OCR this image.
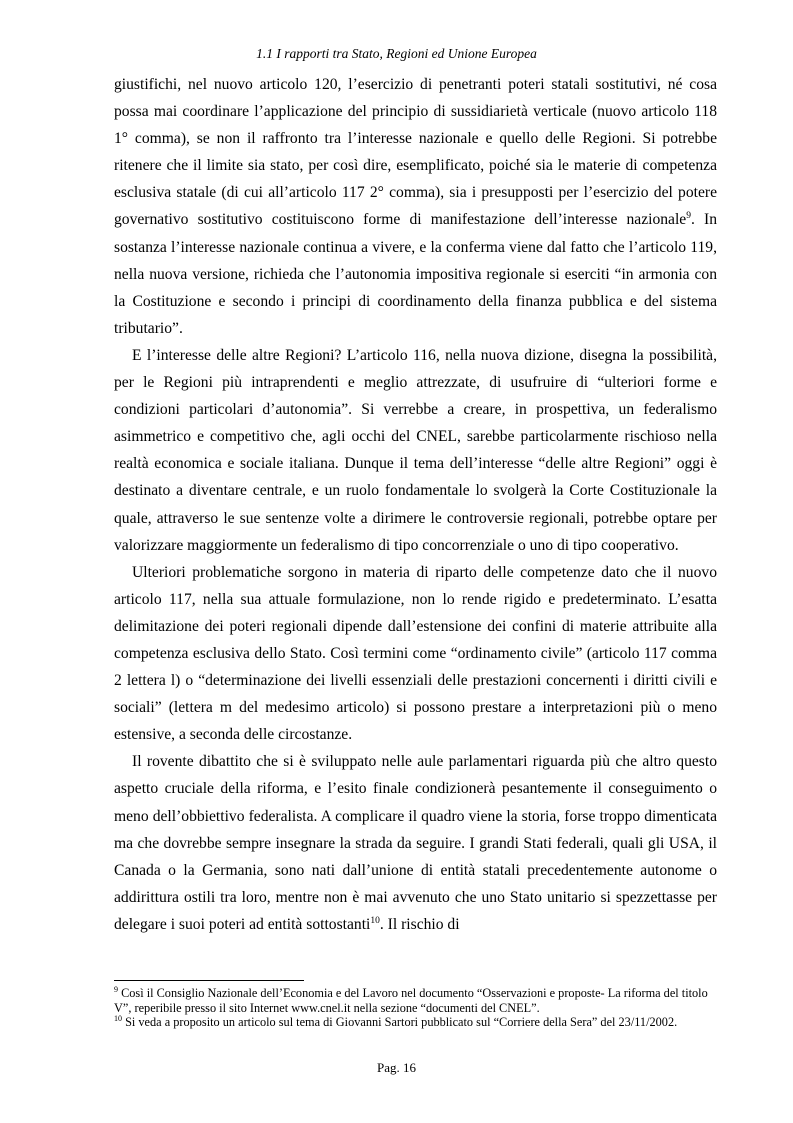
1.1 I rapporti tra Stato, Regioni ed Unione Europea

giustifichi, nel nuovo articolo 120, l’esercizio di penetranti poteri statali sostitutivi, né cosa possa mai coordinare l’applicazione del principio di sussidiarietà verticale (nuovo articolo 118 1° comma), se non il raffronto tra l’interesse nazionale e quello delle Regioni. Si potrebbe ritenere che il limite sia stato, per così dire, esemplificato, poiché sia le materie di competenza esclusiva statale (di cui all’articolo 117 2° comma), sia i presupposti per l’esercizio del potere governativo sostitutivo costituiscono forme di manifestazione dell’interesse nazionale$^9$. In sostanza l’interesse nazionale continua a vivere, e la conferma viene dal fatto che l’articolo 119, nella nuova versione, richieda che l’autonomia impositiva regionale si eserciti “in armonia con la Costituzione e secondo i principi di coordinamento della finanza pubblica e del sistema tributario”.

E l’interesse delle altre Regioni? L’articolo 116, nella nuova dizione, disegna la possibilità, per le Regioni più intraprendenti e meglio attrezzate, di usufruire di “ulteriori forme e condizioni particolari d’autonomia”. Si verrebbe a creare, in prospettiva, un federalismo asimmetrico e competitivo che, agli occhi del CNEL, sarebbe particolarmente rischioso nella realtà economica e sociale italiana. Dunque il tema dell’interesse “delle altre Regioni” oggi è destinato a diventare centrale, e un ruolo fondamentale lo svolgerà la Corte Costituzionale la quale, attraverso le sue sentenze volte a dirimere le controversie regionali, potrebbe optare per valorizzare maggiormente un federalismo di tipo concorrenziale o uno di tipo cooperativo.

Ulteriori problematiche sorgono in materia di riparto delle competenze dato che il nuovo articolo 117, nella sua attuale formulazione, non lo rende rigido e predeterminato. L’esatta delimitazione dei poteri regionali dipende dall’estensione dei confini di materie attribuite alla competenza esclusiva dello Stato. Così termini come “ordinamento civile” (articolo 117 comma 2 lettera l) o “determinazione dei livelli essenziali delle prestazioni concernenti i diritti civili e sociali” (lettera m del medesimo articolo) si possono prestare a interpretazioni più o meno estensive, a seconda delle circostanze.

Il rovente dibattito che si è sviluppato nelle aule parlamentari riguarda più che altro questo aspetto cruciale della riforma, e l’esito finale condizionerà pesantemente il conseguimento o meno dell’obbiettivo federalista. A complicare il quadro viene la storia, forse troppo dimenticata ma che dovrebbe sempre insegnare la strada da seguire. I grandi Stati federali, quali gli USA, il Canada o la Germania, sono nati dall’unione di entità statali precedentemente autonome o addirittura ostili tra loro, mentre non è mai avvenuto che uno Stato unitario si spezzettasse per delegare i suoi poteri ad entità sottostanti$^{10}$. Il rischio di

$^9$ Così il Consiglio Nazionale dell’Economia e del Lavoro nel documento “Osservazioni e proposte- La riforma del titolo V”, reperibile presso il sito Internet www.cnel.it nella sezione “documenti del CNEL”.

$^{10}$ Si veda a proposito un articolo sul tema di Giovanni Sartori pubblicato sul “Corriere della Sera” del 23/11/2002.

Pag. 16
